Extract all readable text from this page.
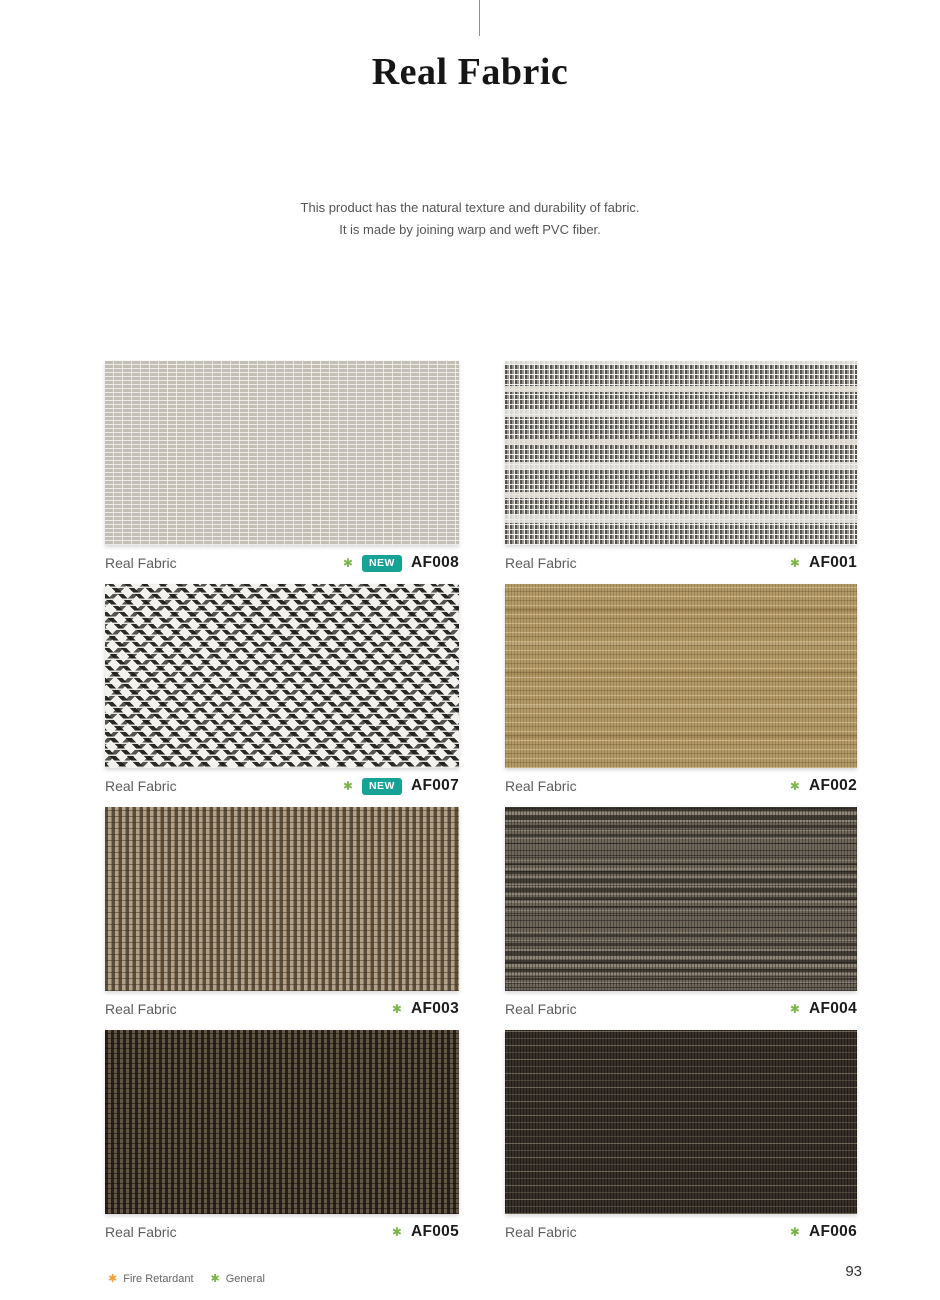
Real Fabric

This product has the natural texture and durability of fabric.
It is made by joining warp and weft PVC fiber.

Real Fabric	✱	NEW	AF008	Real Fabric	✱ AF001
Real Fabric	✱	NEW	AF007	Real Fabric	✱ AF002
Real Fabric	✱ AF003	Real Fabric	✱ AF004
Real Fabric	✱ AF005	Real Fabric	✱ AF006
✱ Fire Retardant ✱ General	93
